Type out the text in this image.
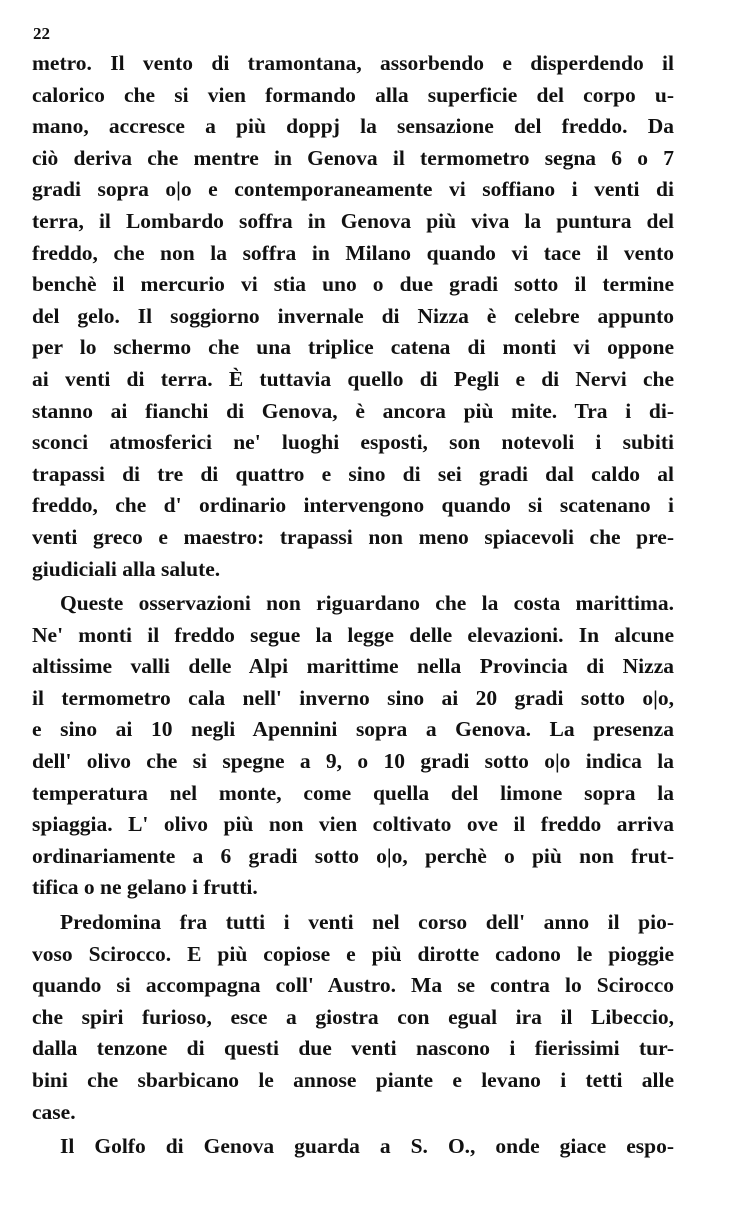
22
metro. Il vento di tramontana, assorbendo e disperdendo il
calorico che si vien formando alla superficie del corpo u-
mano, accresce a più doppj la sensazione del freddo. Da
ciò deriva che mentre in Genova il termometro segna 6 o 7
gradi sopra o|o e contemporaneamente vi soffiano i venti di
terra, il Lombardo soffra in Genova più viva la puntura del
freddo, che non la soffra in Milano quando vi tace il vento
benchè il mercurio vi stia uno o due gradi sotto il termine
del gelo. Il soggiorno invernale di Nizza è celebre appunto
per lo schermo che una triplice catena di monti vi oppone
ai venti di terra. È tuttavia quello di Pegli e di Nervi che
stanno ai fianchi di Genova, è ancora più mite. Tra i di-
sconci atmosferici ne' luoghi esposti, son notevoli i subiti
trapassi di tre di quattro e sino di sei gradi dal caldo al
freddo, che d' ordinario intervengono quando si scatenano i
venti greco e maestro: trapassi non meno spiacevoli che pre-
giudiciali alla salute.
Queste osservazioni non riguardano che la costa marittima.
Ne' monti il freddo segue la legge delle elevazioni. In alcune
altissime valli delle Alpi marittime nella Provincia di Nizza
il termometro cala nell' inverno sino ai 20 gradi sotto o|o,
e sino ai 10 negli Apennini sopra a Genova. La presenza
dell' olivo che si spegne a 9, o 10 gradi sotto o|o indica la
temperatura nel monte, come quella del limone sopra la
spiaggia. L' olivo più non vien coltivato ove il freddo arriva
ordinariamente a 6 gradi sotto o|o, perchè o più non frut-
tifica o ne gelano i frutti.
Predomina fra tutti i venti nel corso dell' anno il pio-
voso Scirocco. E più copiose e più dirotte cadono le pioggie
quando si accompagna coll' Austro. Ma se contra lo Scirocco
che spiri furioso, esce a giostra con egual ira il Libeccio,
dalla tenzone di questi due venti nascono i fierissimi tur-
bini che sbarbicano le annose piante e levano i tetti alle
case.
Il Golfo di Genova guarda a S. O., onde giace espo-
